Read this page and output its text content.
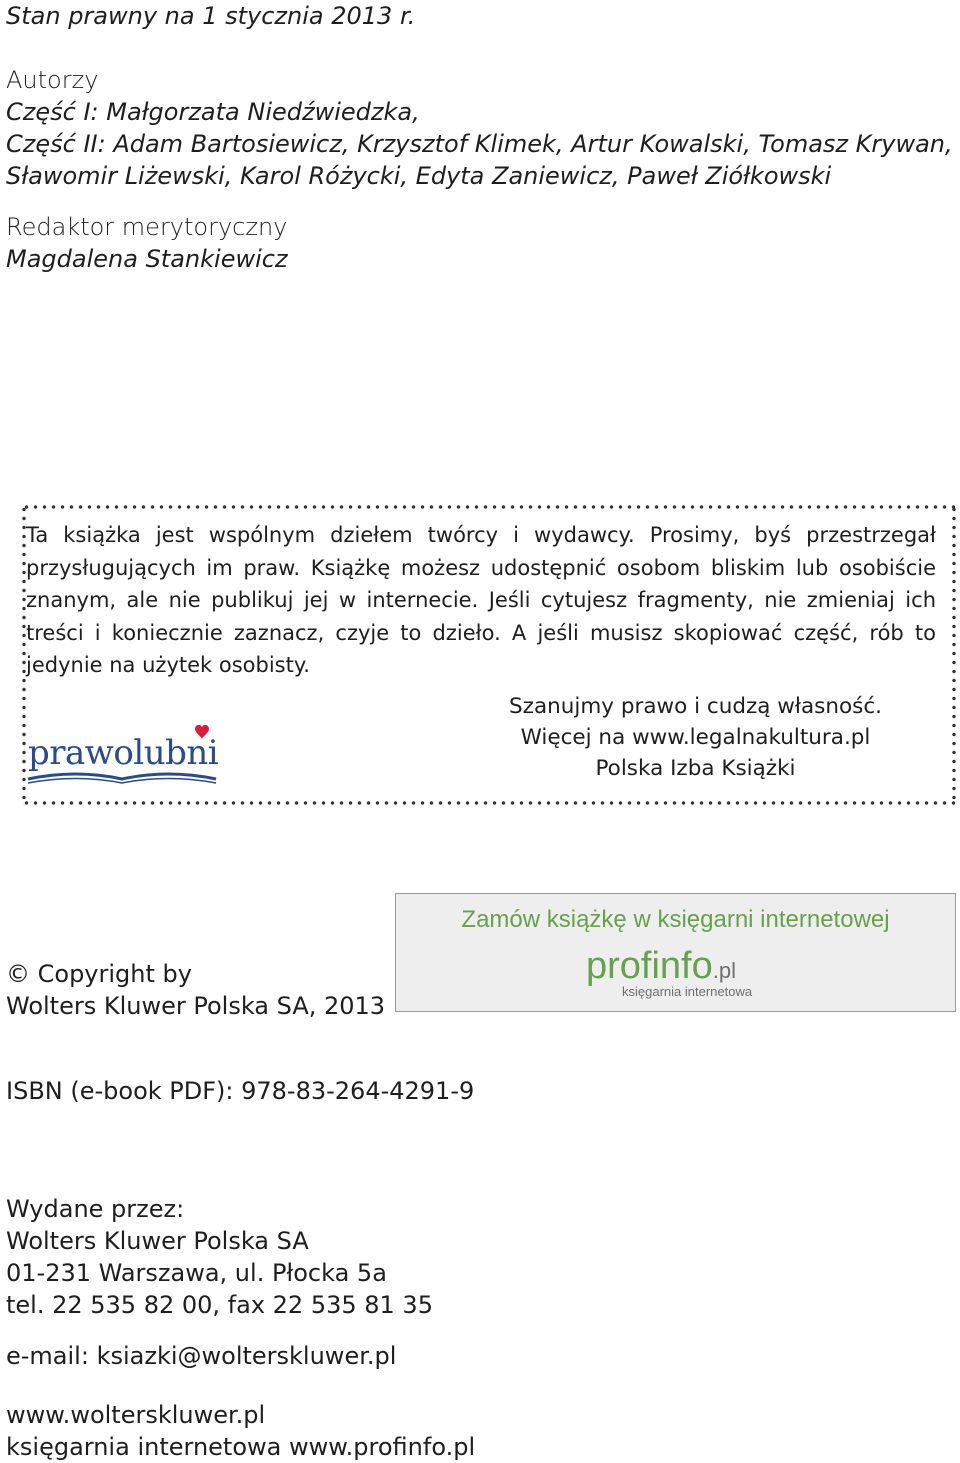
Stan prawny na 1 stycznia 2013 r.
Autorzy
Część I: Małgorzata Niedźwiedzka,
Część II: Adam Bartosiewicz, Krzysztof Klimek, Artur Kowalski, Tomasz Krywan,
Sławomir Liżewski, Karol Różycki, Edyta Zaniewicz, Paweł Ziółkowski
Redaktor merytoryczny
Magdalena Stankiewicz
Ta książka jest wspólnym dziełem twórcy i wydawcy. Prosimy, byś przestrzegał przysługujących im praw. Książkę możesz udostępnić osobom bliskim lub osobiście znanym, ale nie publikuj jej w internecie. Jeśli cytujesz fragmenty, nie zmieniaj ich treści i koniecznie zaznacz, czyje to dzieło. A jeśli musisz skopiować część, rób to jedynie na użytek osobisty.
prawolubni
Szanujmy prawo i cudzą własność.
Więcej na www.legalnakultura.pl
Polska Izba Książki
Zamów książkę w księgarni internetowej
profinfo.pl
księgarnia internetowa
© Copyright by
Wolters Kluwer Polska SA, 2013
ISBN (e-book PDF): 978-83-264-4291-9
Wydane przez:
Wolters Kluwer Polska SA
01-231 Warszawa, ul. Płocka 5a
tel. 22 535 82 00, fax 22 535 81 35
e-mail: ksiazki@wolterskluwer.pl
www.wolterskluwer.pl
księgarnia internetowa www.profinfo.pl
